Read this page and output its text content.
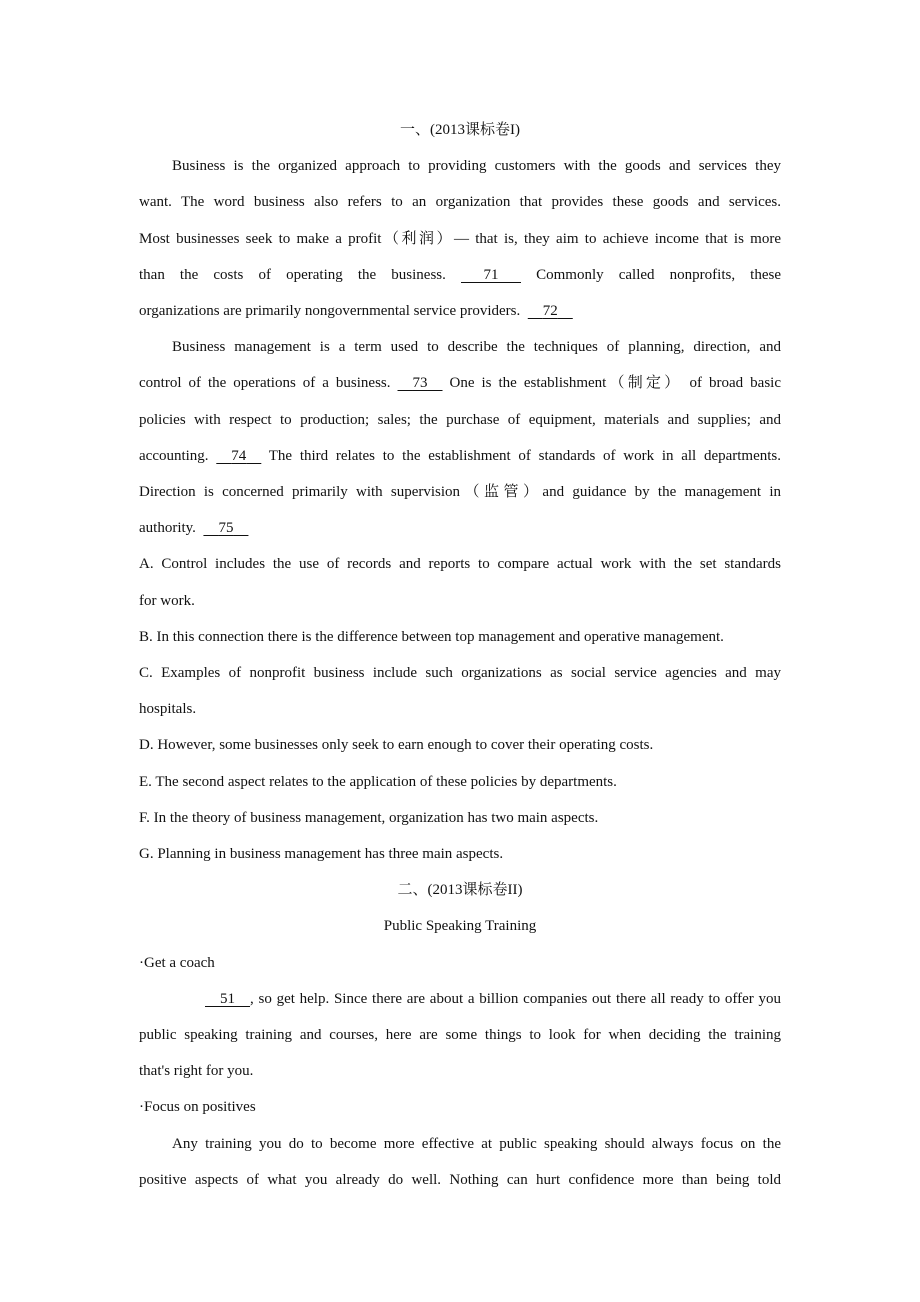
一、(2013课标卷I)

Business is the organized approach to providing customers with the goods and services they

want. The word business also refers to an organization that provides these goods and services.

Most businesses seek to make a profit（利润）— that is, they aim to achieve income that is more

than the costs of operating the business.    	71   	Commonly called nonprofits, these

organizations are primarily nongovernmental service providers.     72  

Business management is a term used to describe the techniques of planning, direction, and

control of the operations of a business.    73   One is the establishment（制定） of broad basic

policies with respect to production; sales; the purchase of equipment, materials and supplies; and

accounting.    74   The third relates to the establishment of standards of work in all departments.

Direction is concerned primarily with supervision（监管）and guidance by the management in

authority.     75  

A. Control includes the use of records and reports to compare actual work with the set standards

for work.

B. In this connection there is the difference between top management and operative management.

C. Examples of nonprofit business include such organizations as social service agencies and may

hospitals.

D. However, some businesses only seek to earn enough to cover their operating costs.

E. The second aspect relates to the application of these policies by departments.

F. In the theory of business management, organization has two main aspects.

G. Planning in business management has three main aspects.

二、(2013课标卷II)

Public Speaking Training

·Get a coach

  51   , so get help. Since there are about a billion companies out there all ready to offer you

public speaking training and courses, here are some things to look for when deciding the training

that's right for you.

·Focus on positives

Any training you do to become more effective at public speaking should always focus on the

positive aspects of what you already do well. Nothing can hurt confidence more than being told
